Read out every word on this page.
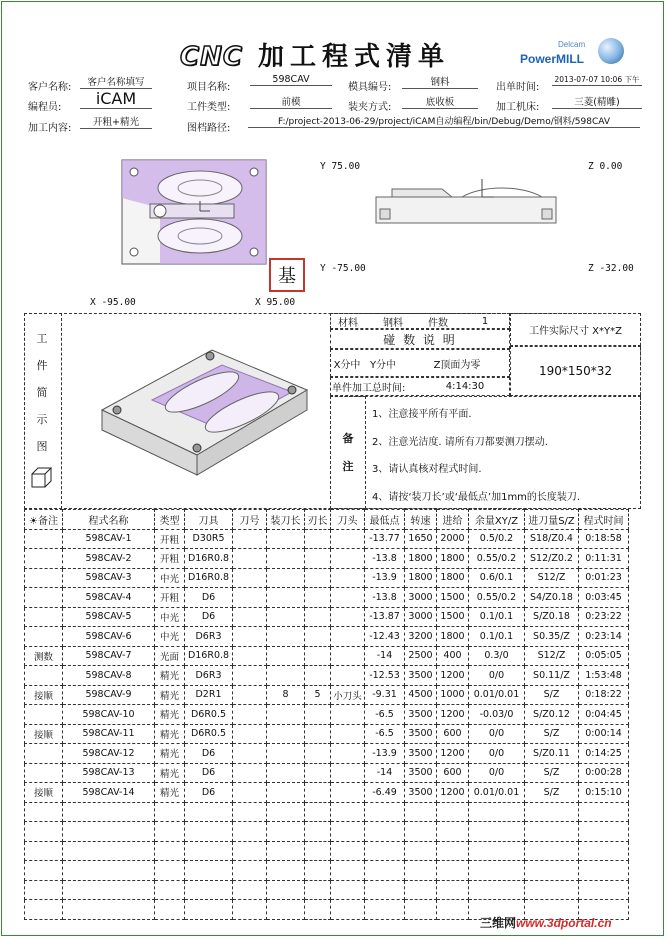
CNC 加工程式清单	Delcam
PowerMILL
客户名称:	客户名称填写	项目名称:
598CAV
模具编号:	钢料	出单时间:
2013-07-07 10:06 下午
编程员:	iCAM	工件类型:	前模	装夹方式:	底收板	加工机床:	三菱(精雕)
加工内容:
开粗+精光
图档路径:
F:/project-2013-06-29/project/iCAM自动编程/bin/Debug/Demo/钢料/598CAV
Y 75.00
Y -75.00
Z 0.00
Z -32.00
X -95.00	X 95.00
基
工
件
简
示
图
材料	钢料	件数	1
碰 数 说 明
X分中 Y分中	Z顶面为零
单件加工总时间:	4:14:30
工件实际尺寸 X*Y*Z
190*150*32
备
注
1、注意接平所有平面.
2、注意光洁度. 请所有刀都要测刀摆动.
3、请认真核对程式时间.
4、请按‘装刀长’或‘最低点’加1mm的长度装刀.
☀备注	程式名称	类型	刀具	刀号	装刀长	刃长	刀头	最低点	转速	进给	余量XY/Z	进刀量S/Z	程式时间
	598CAV-1	开粗	D30R5					-13.77	1650	2000	0.5/0.2	S18/Z0.4	0:18:58
	598CAV-2	开粗	D16R0.8					-13.8	1800	1800	0.55/0.2	S12/Z0.2	0:11:31
	598CAV-3	中光	D16R0.8					-13.9	1800	1800	0.6/0.1	S12/Z	0:01:23
	598CAV-4	开粗	D6					-13.8	3000	1500	0.55/0.2	S4/Z0.18	0:03:45
	598CAV-5	中光	D6					-13.87	3000	1500	0.1/0.1	S/Z0.18	0:23:22
	598CAV-6	中光	D6R3					-12.43	3200	1800	0.1/0.1	S0.35/Z	0:23:14
测数	598CAV-7	光面	D16R0.8					-14	2500	400	0.3/0	S12/Z	0:05:05
	598CAV-8	精光	D6R3					-12.53	3500	1200	0/0	S0.11/Z	1:53:48
接顺	598CAV-9	精光	D2R1		8	5	小刀头	-9.31	4500	1000	0.01/0.01	S/Z	0:18:22
	598CAV-10	精光	D6R0.5					-6.5	3500	1200	-0.03/0	S/Z0.12	0:04:45
接顺	598CAV-11	精光	D6R0.5					-6.5	3500	600	0/0	S/Z	0:00:14
	598CAV-12	精光	D6					-13.9	3500	1200	0/0	S/Z0.11	0:14:25
	598CAV-13	精光	D6					-14	3500	600	0/0	S/Z	0:00:28
接顺	598CAV-14	精光	D6					-6.49	3500	1200	0.01/0.01	S/Z	0:15:10

三维网www.3dportal.cn
